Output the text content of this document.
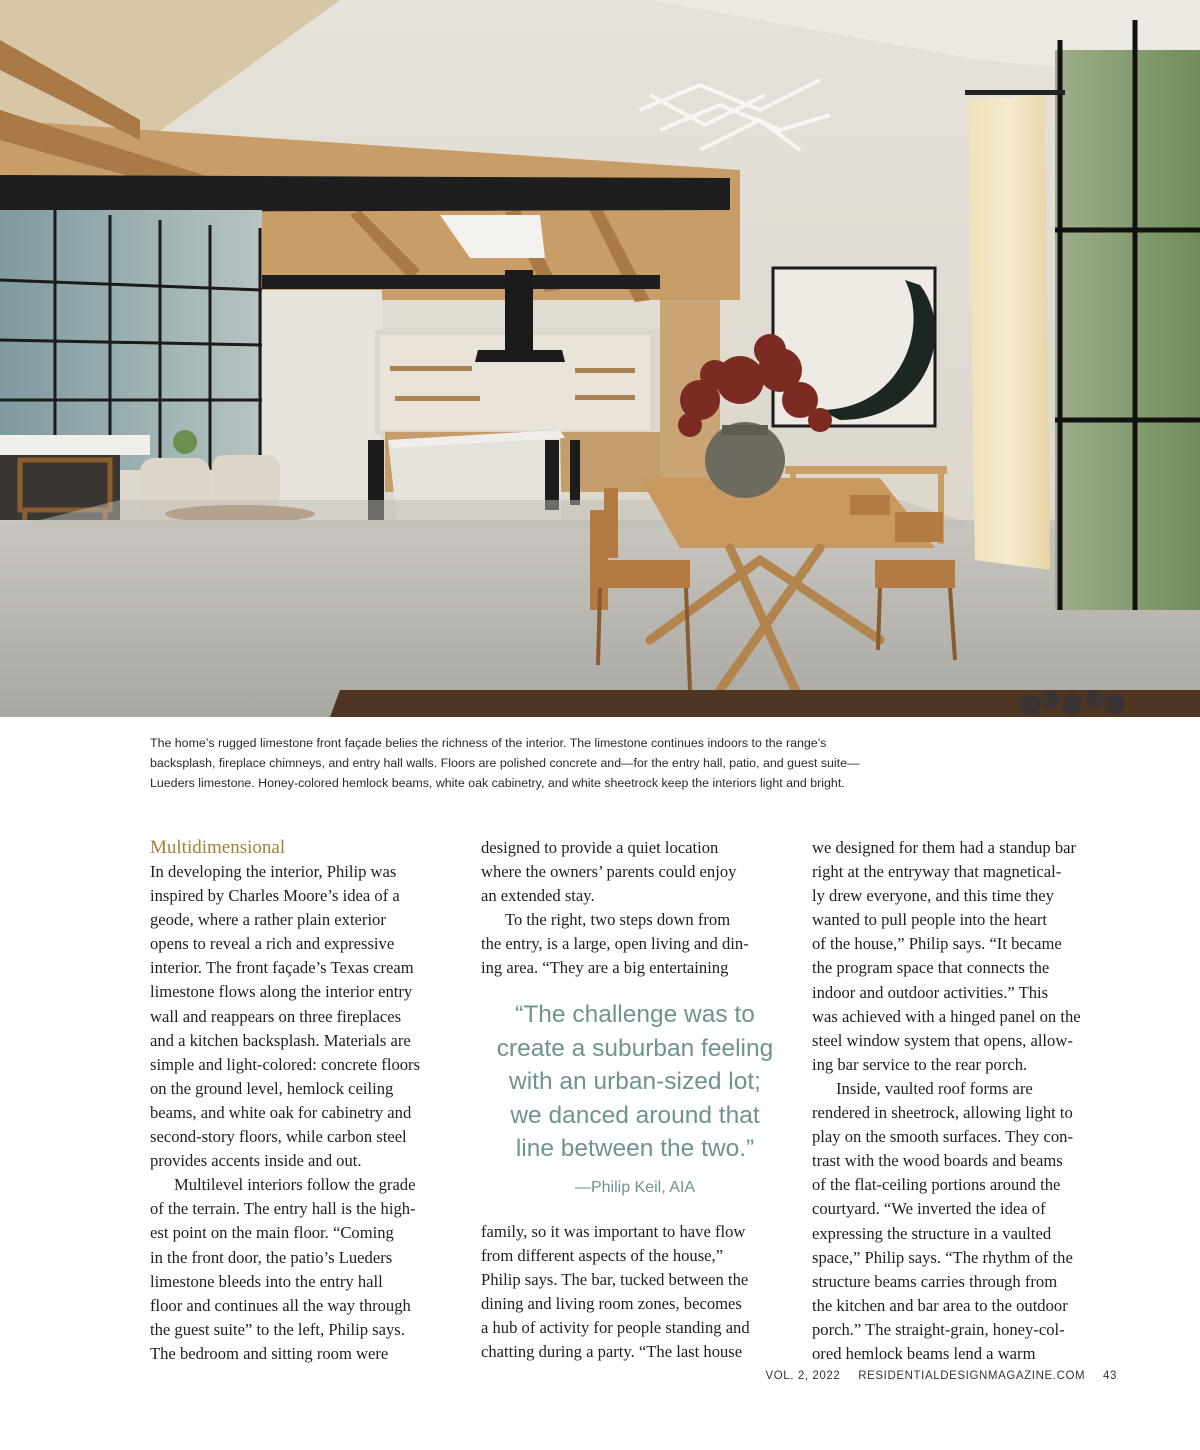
The home’s rugged limestone front façade belies the richness of the interior. The limestone continues indoors to the range’s
backsplash, fireplace chimneys, and entry hall walls. Floors are polished concrete and—for the entry hall, patio, and guest suite—
Lueders limestone. Honey-colored hemlock beams, white oak cabinetry, and white sheetrock keep the interiors light and bright.
Multidimensional
In developing the interior, Philip was
inspired by Charles Moore’s idea of a
geode, where a rather plain exterior
opens to reveal a rich and expressive
interior. The front façade’s Texas cream
limestone flows along the interior entry
wall and reappears on three fireplaces
and a kitchen backsplash. Materials are
simple and light-colored: concrete floors
on the ground level, hemlock ceiling
beams, and white oak for cabinetry and
second-story floors, while carbon steel
provides accents inside and out.
Multilevel interiors follow the grade
of the terrain. The entry hall is the high-
est point on the main floor. “Coming
in the front door, the patio’s Lueders
limestone bleeds into the entry hall
floor and continues all the way through
the guest suite” to the left, Philip says.
The bedroom and sitting room were
designed to provide a quiet location
where the owners’ parents could enjoy
an extended stay.
To the right, two steps down from
the entry, is a large, open living and din-
ing area. “They are a big entertaining
“The challenge was to
create a suburban feeling
with an urban-sized lot;
we danced around that
line between the two.”
—Philip Keil, AIA
family, so it was important to have flow
from different aspects of the house,”
Philip says. The bar, tucked between the
dining and living room zones, becomes
a hub of activity for people standing and
chatting during a party. “The last house
we designed for them had a standup bar
right at the entryway that magnetical-
ly drew everyone, and this time they
wanted to pull people into the heart
of the house,” Philip says. “It became
the program space that connects the
indoor and outdoor activities.” This
was achieved with a hinged panel on the
steel window system that opens, allow-
ing bar service to the rear porch.
Inside, vaulted roof forms are
rendered in sheetrock, allowing light to
play on the smooth surfaces. They con-
trast with the wood boards and beams
of the flat-ceiling portions around the
courtyard. “We inverted the idea of
expressing the structure in a vaulted
space,” Philip says. “The rhythm of the
structure beams carries through from
the kitchen and bar area to the outdoor
porch.” The straight-grain, honey-col-
ored hemlock beams lend a warm
VOL. 2, 2022 RESIDENTIALDESIGNMAGAZINE.COM 43
